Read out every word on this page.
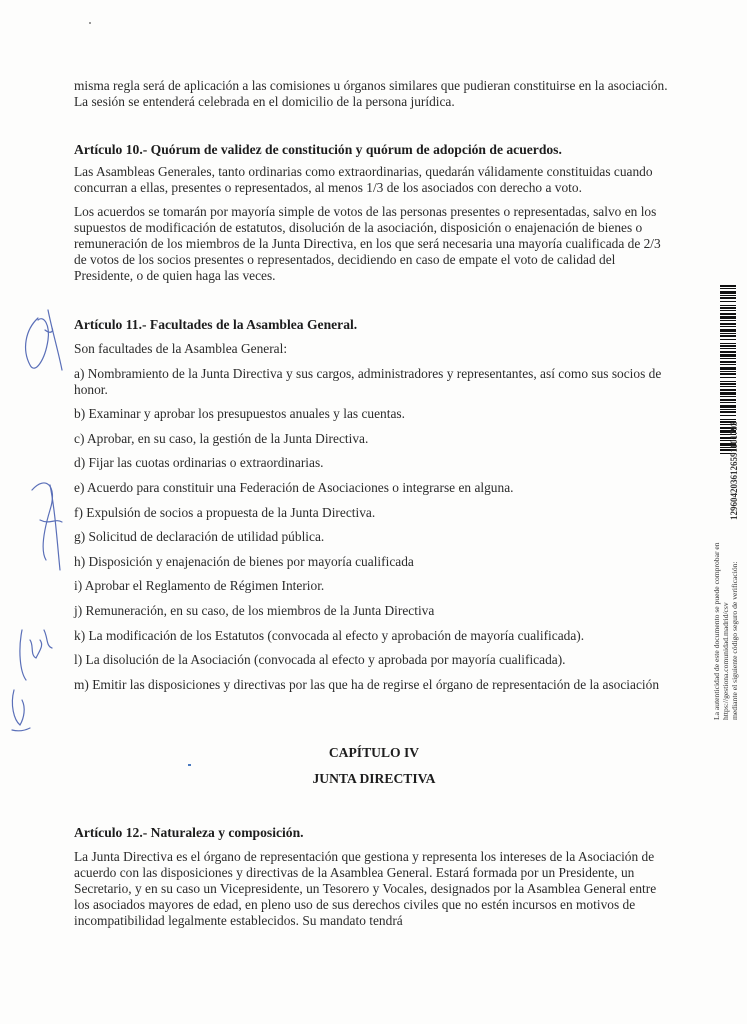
misma regla será de aplicación a las comisiones u órganos similares que pudieran constituirse en la asociación. La sesión se entenderá celebrada en el domicilio de la persona jurídica.

Artículo 10.- Quórum de validez de constitución y quórum de adopción de acuerdos.

Las Asambleas Generales, tanto ordinarias como extraordinarias, quedarán válidamente constituidas cuando concurran a ellas, presentes o representados, al menos 1/3 de los asociados con derecho a voto.

Los acuerdos se tomarán por mayoría simple de votos de las personas presentes o representadas, salvo en los supuestos de modificación de estatutos, disolución de la asociación, disposición o enajenación de bienes o remuneración de los miembros de la Junta Directiva, en los que será necesaria una mayoría cualificada de 2/3 de votos de los socios presentes o representados, decidiendo en caso de empate el voto de calidad del Presidente, o de quien haga las veces.

Artículo 11.- Facultades de la Asamblea General.

Son facultades de la Asamblea General:

a) Nombramiento de la Junta Directiva y sus cargos, administradores y representantes, así como sus socios de honor.

b) Examinar y aprobar los presupuestos anuales y las cuentas.

c) Aprobar, en su caso, la gestión de la Junta Directiva.

d) Fijar las cuotas ordinarias o extraordinarias.

e) Acuerdo para constituir una Federación de Asociaciones o integrarse en alguna.

f) Expulsión de socios a propuesta de la Junta Directiva.

g) Solicitud de declaración de utilidad pública.

h) Disposición y enajenación de bienes por mayoría cualificada

i) Aprobar el Reglamento de Régimen Interior.

j) Remuneración, en su caso, de los miembros de la Junta Directiva

k) La modificación de los Estatutos (convocada al efecto y aprobación de mayoría cualificada).

l) La disolución de la Asociación (convocada al efecto y aprobada por mayoría cualificada).

m) Emitir las disposiciones y directivas por las que ha de regirse el órgano de representación de la asociación

CAPÍTULO IV

JUNTA DIRECTIVA

Artículo 12.- Naturaleza y composición.

La Junta Directiva es el órgano de representación que gestiona y representa los intereses de la Asociación de acuerdo con las disposiciones y directivas de la Asamblea General. Estará formada por un Presidente, un Secretario, y en su caso un Vicepresidente, un Tesorero y Vocales, designados por la Asamblea General entre los asociados mayores de edad, en pleno uso de sus derechos civiles que no estén incursos en motivos de incompatibilidad legalmente establecidos. Su mandato tendrá

La autenticidad de este documento se puede comprobar en https://gestiona.comunidad.madrid/csv mediante el siguiente código seguro de verificación:
1296042036126591101793
